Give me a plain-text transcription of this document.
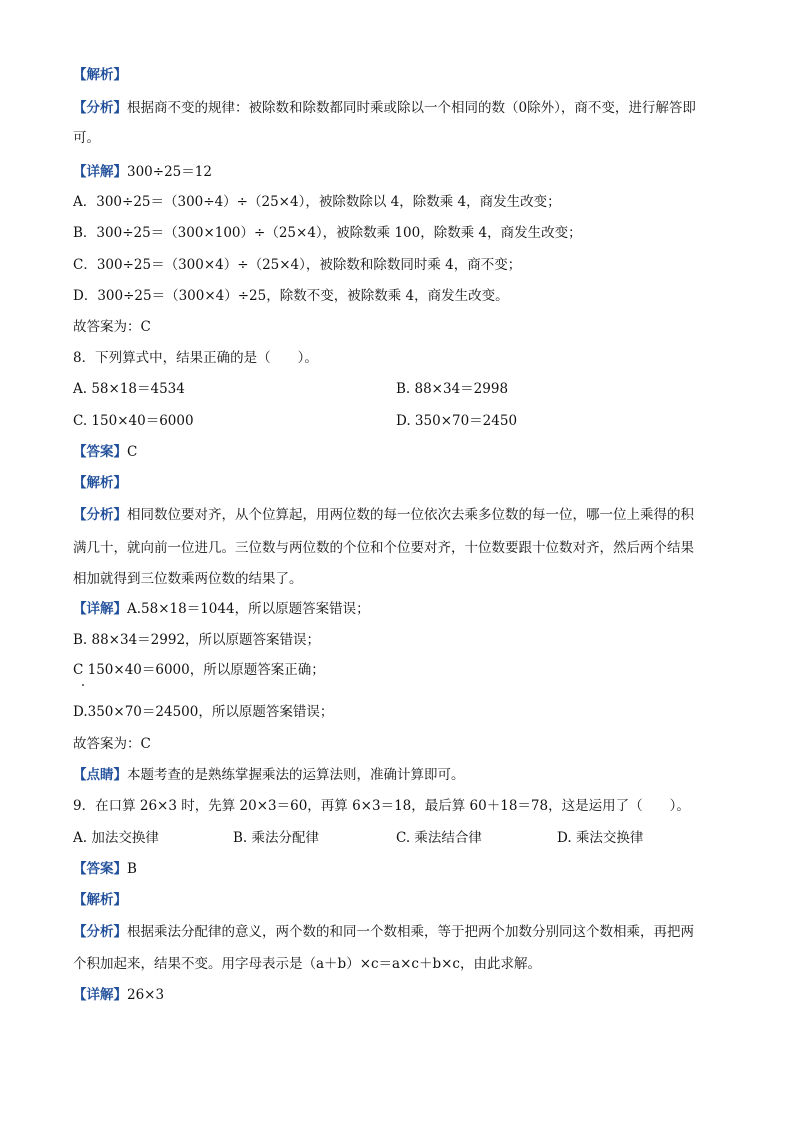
【解析】
【分析】根据商不变的规律：被除数和除数都同时乘或除以一个相同的数（0除外），商不变，进行解答即
可。
【详解】300÷25＝12
A．300÷25＝（300÷4）÷（25×4），被除数除以 4，除数乘 4，商发生改变；
B．300÷25＝（300×100）÷（25×4），被除数乘 100，除数乘 4，商发生改变；
C．300÷25＝（300×4）÷（25×4），被除数和除数同时乘 4，商不变；
D．300÷25＝（300×4）÷25，除数不变，被除数乘 4，商发生改变。
故答案为：C
8．下列算式中，结果正确的是（　　）。
A. 58×18＝4534	B. 88×34＝2998
C. 150×40＝6000	D. 350×70＝2450
【答案】C
【解析】
【分析】相同数位要对齐，从个位算起，用两位数的每一位依次去乘多位数的每一位，哪一位上乘得的积
满几十，就向前一位进几。三位数与两位数的个位和个位要对齐，十位数要跟十位数对齐，然后两个结果
相加就得到三位数乘两位数的结果了。
【详解】A.58×18＝1044，所以原题答案错误；
B. 88×34＝2992，所以原题答案错误；
C 150×40＝6000，所以原题答案正确；
D.350×70＝24500，所以原题答案错误；
故答案为：C
【点睛】本题考查的是熟练掌握乘法的运算法则，准确计算即可。
9．在口算 26×3 时，先算 20×3＝60，再算 6×3＝18，最后算 60＋18＝78，这是运用了（　　）。
A. 加法交换律	B. 乘法分配律	C. 乘法结合律	D. 乘法交换律
【答案】B
【解析】
【分析】根据乘法分配律的意义，两个数的和同一个数相乘，等于把两个加数分别同这个数相乘，再把两
个积加起来，结果不变。用字母表示是（a＋b）×c＝a×c＋b×c，由此求解。
【详解】26×3
